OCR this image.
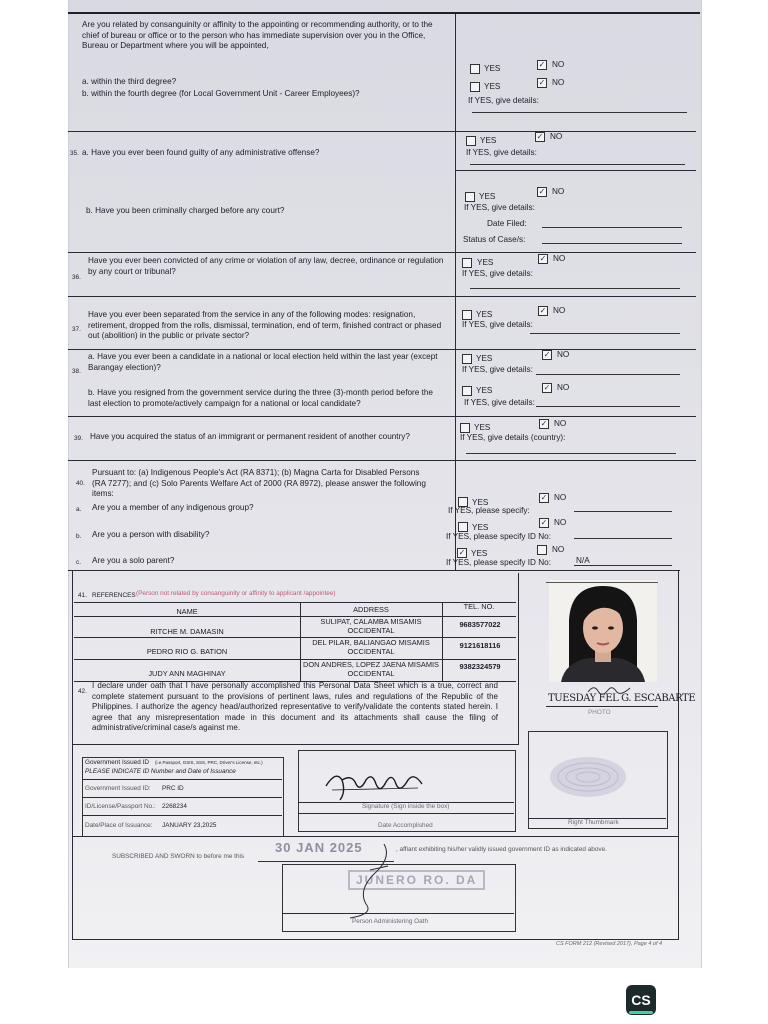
Are you related by consanguinity or affinity to the appointing or recommending authority, or to the chief of bureau or office or to the person who has immediate supervision over you in the Office, Bureau or Department where you will be appointed,
a. within the third degree?
b. within the fourth degree (for Local Government Unit - Career Employees)?
YES	✓ NO
YES	✓ NO
If YES, give details:
35. a. Have you ever been found guilty of any administrative offense?
YES	✓ NO
If YES, give details:
b. Have you been criminally charged before any court?
YES
✓ NO
If YES, give details:
Date Filed:
Status of Case/s:
36.
Have you ever been convicted of any crime or violation of any law, decree, ordinance or regulation by any court or tribunal?
YES	✓ NO
If YES, give details:
37.
Have you ever been separated from the service in any of the following modes: resignation, retirement, dropped from the rolls, dismissal, termination, end of term, finished contract or phased out (abolition) in the public or private sector?
YES	✓ NO
If YES, give details:
38.
a. Have you ever been a candidate in a national or local election held within the last year (except Barangay election)?
YES	✓ NO
If YES, give details:
b. Have you resigned from the government service during the three (3)-month period before the last election to promote/actively campaign for a national or local candidate?
YES	✓ NO
If YES, give details:
39. Have you acquired the status of an immigrant or permanent resident of another country?
YES	✓ NO
If YES, give details (country):
40.
Pursuant to: (a) Indigenous People's Act (RA 8371); (b) Magna Carta for Disabled Persons (RA 7277); and (c) Solo Parents Welfare Act of 2000 (RA 8972), please answer the following items:
a. Are you a member of any indigenous group?
YES
✓ NO
If YES, please specify:
b. Are you a person with disability?
YES
✓ NO
If YES, please specify ID No:
c. Are you a solo parent?
✓ YES	NO
If YES, please specify ID No:	N/A
41. REFERENCES (Person not related by consanguinity or affinity to applicant /appointee)
NAME	ADDRESS	TEL. NO.
RITCHE M. DAMASIN
SULIPAT, CALAMBA MISAMIS OCCIDENTAL
9683577022
PEDRO RIO G. BATION
DEL PILAR, BALIANGAO MISAMIS OCCIDENTAL
9121618116
JUDY ANN MAGHINAY
DON ANDRES, LOPEZ JAENA MISAMIS OCCIDENTAL
9382324579
TUESDAY FEL G. ESCABARTE
PHOTO
42.
I declare under oath that I have personally accomplished this Personal Data Sheet which is a true, correct and complete statement pursuant to the provisions of pertinent laws, rules and regulations of the Republic of the Philippines. I authorize the agency head/authorized representative to verify/validate the contents stated herein. I agree that any misrepresentation made in this document and its attachments shall cause the filing of administrative/criminal case/s against me.
Government Issued ID (i.e.Passport, GSIS, SSS, PRC, Driver's License, etc.)
PLEASE INDICATE ID Number and Date of Issuance
Government Issued ID: PRC ID
ID/License/Passport No.: 2268234
Date/Place of Issuance: JANUARY 23,2025
Signature (Sign inside the box)
Date Accomplished	Right Thumbmark
SUBSCRIBED AND SWORN to before me this
30 JAN 2025	, affiant exhibiting his/her validly issued government ID as indicated above.
JUNERO RO. DA
Person Administering Oath
CS FORM 212 (Revised 2017), Page 4 of 4
CS
